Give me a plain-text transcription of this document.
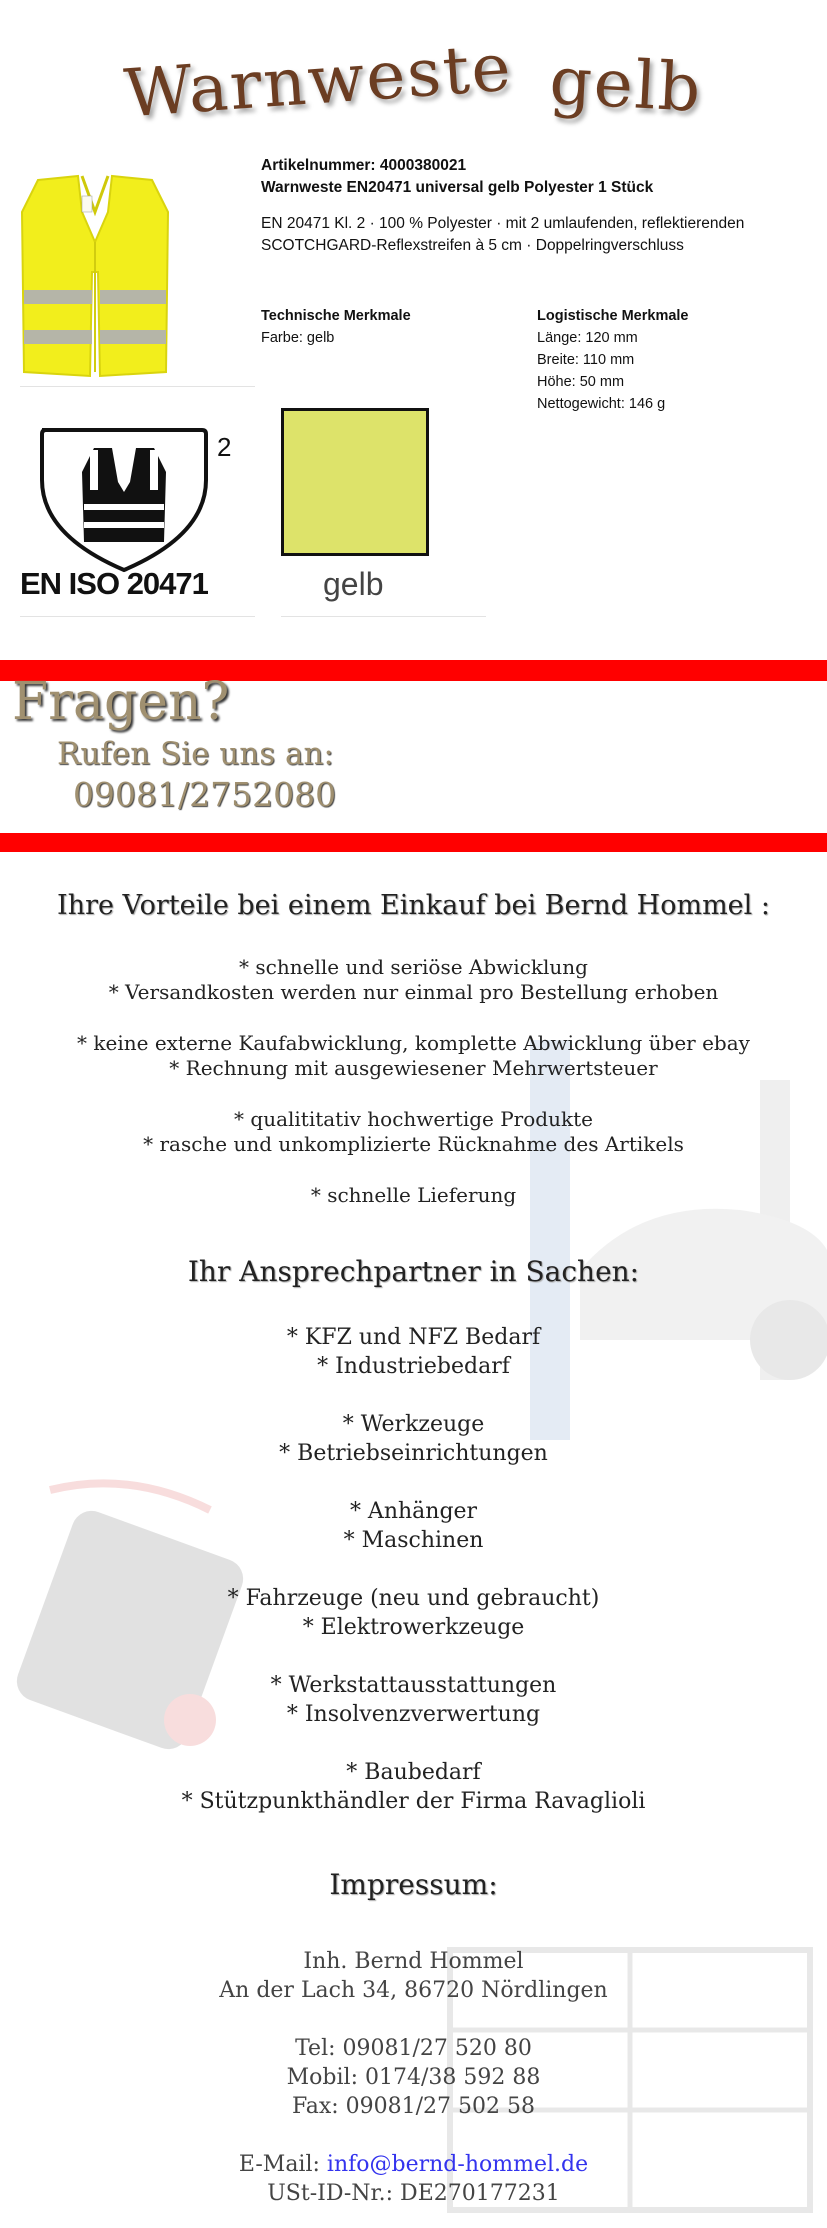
Warnweste gelb
Artikelnummer: 4000380021
Warnweste EN20471 universal gelb Polyester 1 Stück
EN 20471 Kl. 2 · 100 % Polyester · mit 2 umlaufenden, reflektierenden
SCOTCHGARD-Reflexstreifen à 5 cm · Doppelringverschluss
Technische Merkmale
Farbe: gelb
Logistische Merkmale
Länge: 120 mm
Breite: 110 mm
Höhe: 50 mm
Nettogewicht: 146 g
2
EN ISO 20471	gelb
Fragen?
Rufen Sie uns an:
09081/2752080
Ihre Vorteile bei einem Einkauf bei Bernd Hommel :
* schnelle und seriöse Abwicklung
* Versandkosten werden nur einmal pro Bestellung erhoben
* keine externe Kaufabwicklung, komplette Abwicklung über ebay
* Rechnung mit ausgewiesener Mehrwertsteuer
* qualititativ hochwertige Produkte
* rasche und unkomplizierte Rücknahme des Artikels
* schnelle Lieferung
Ihr Ansprechpartner in Sachen:
* KFZ und NFZ Bedarf
* Industriebedarf
* Werkzeuge
* Betriebseinrichtungen
* Anhänger
* Maschinen
* Fahrzeuge (neu und gebraucht)
* Elektrowerkzeuge
* Werkstattausstattungen
* Insolvenzverwertung
* Baubedarf
* Stützpunkthändler der Firma Ravaglioli
Impressum:
Inh. Bernd Hommel
An der Lach 34, 86720 Nördlingen
Tel: 09081/27 520 80
Mobil: 0174/38 592 88
Fax: 09081/27 502 58
E-Mail: info@bernd-hommel.de
USt-ID-Nr.: DE270177231
